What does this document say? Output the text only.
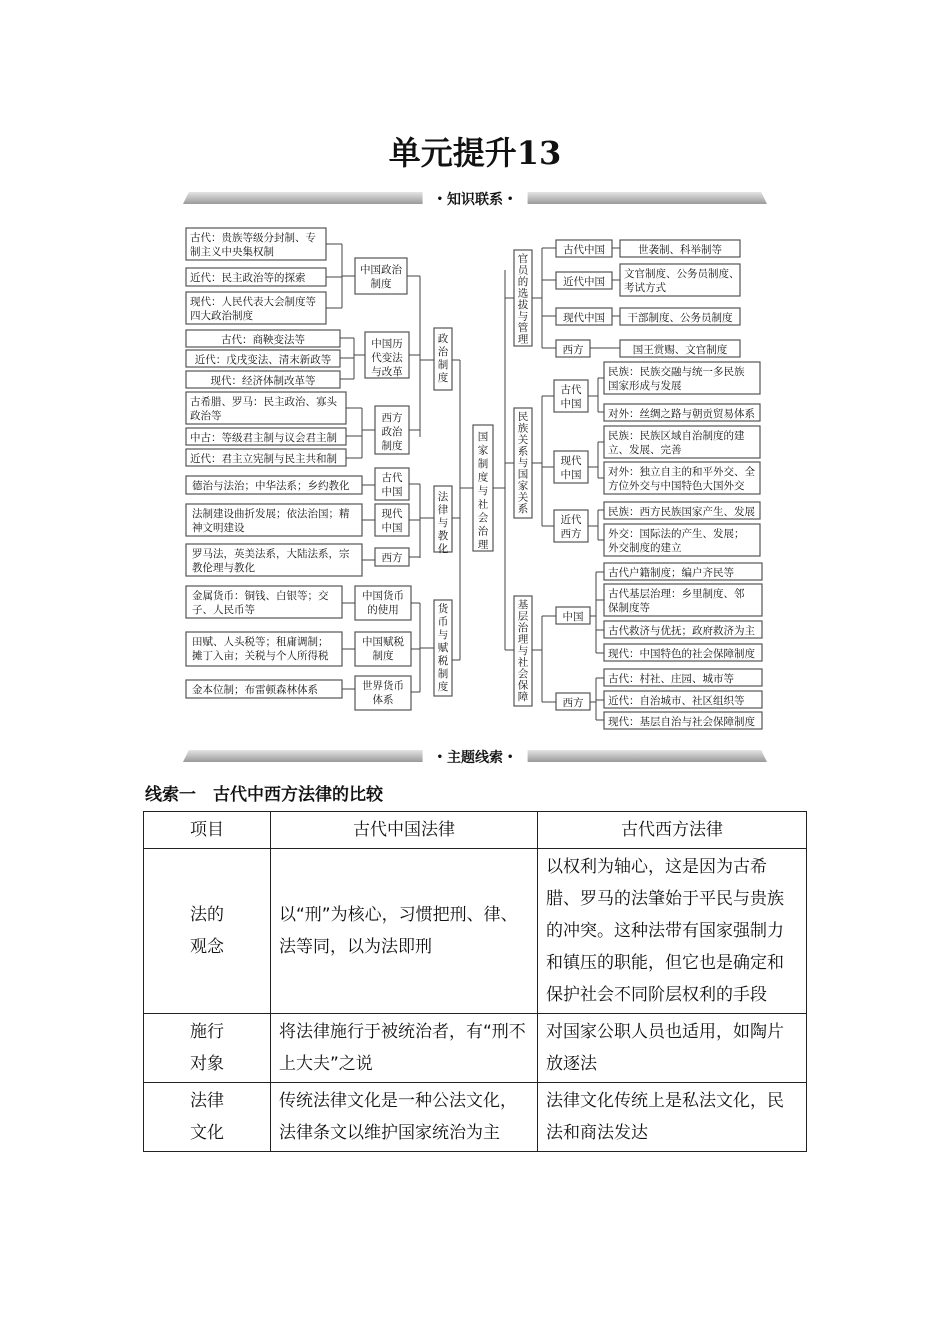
单元提升13
• 知识联系 •
国
家
制
度
与
社
会
治
理
政
治
制
度
法
律
与
教
化
货
币
与
赋
税
制
度
官
员
的
选
拔
与
管
理
民
族
关
系
与
国
家
关
系
基
层
治
理
与
社
会
保
障
中国政治
制度
中国历
代变法
与改革
西方
政治
制度
古代：贵族等级分封制、专
制主义中央集权制
近代：民主政治等的探索
现代：人民代表大会制度等
四大政治制度
古代：商鞅变法等
近代：戊戌变法、清末新政等
现代：经济体制改革等
古希腊、罗马：民主政治、寡头
政治等
中古：等级君主制与议会君主制
近代：君主立宪制与民主共和制
古代
中国
现代
中国
西方
德治与法治；中华法系；乡约教化
法制建设曲折发展；依法治国；精
神文明建设
罗马法，英美法系，大陆法系，宗
教伦理与教化
中国货币
的使用
中国赋税
制度
世界货币
体系
金属货币：铜钱、白银等；交
子、人民币等
田赋、人头税等；租庸调制；
摊丁入亩；关税与个人所得税
金本位制；布雷顿森林体系
古代中国	世袭制、科举制等
近代中国
文官制度、公务员制度、
考试方式
现代中国 干部制度、公务员制度
西方	国王赏赐、文官制度
古代
中国
现代
中国
近代
西方
民族：民族交融与统一多民族
国家形成与发展
对外：丝绸之路与朝贡贸易体系
民族：民族区域自治制度的建
立、发展、完善
对外：独立自主的和平外交、全
方位外交与中国特色大国外交
民族：西方民族国家产生、发展
外交：国际法的产生、发展；
外交制度的建立
中国
西方
古代户籍制度；编户齐民等
古代基层治理：乡里制度、邻
保制度等
古代救济与优抚；政府救济为主
现代：中国特色的社会保障制度
古代：村社、庄园、城市等
近代：自治城市、社区组织等
现代：基层自治与社会保障制度
• 主题线索 •
线索一　古代中西方法律的比较
项目	古代中国法律	古代西方法律
法的
观念	以“刑”为核心，习惯把刑、律、法等同，以为法即刑	以权利为轴心，这是因为古希腊、罗马的法肇始于平民与贵族的冲突。这种法带有国家强制力和镇压的职能，但它也是确定和保护社会不同阶层权利的手段
施行
对象	将法律施行于被统治者，有“刑不上大夫”之说	对国家公职人员也适用，如陶片放逐法
法律
文化	传统法律文化是一种公法文化，法律条文以维护国家统治为主	法律文化传统上是私法文化，民法和商法发达
